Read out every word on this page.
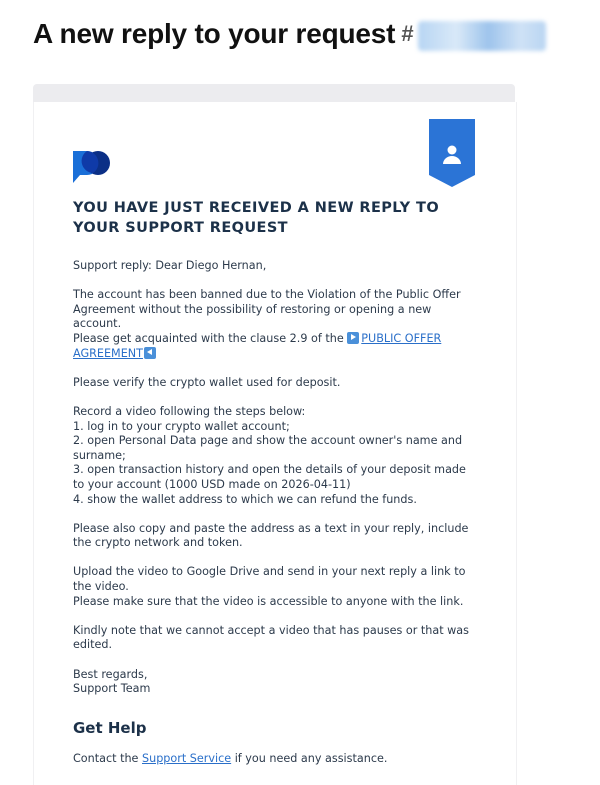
A new reply to your request #
YOU HAVE JUST RECEIVED A NEW REPLY TO YOUR SUPPORT REQUEST

Support reply: Dear Diego Hernan,

The account has been banned due to the Violation of the Public Offer

Agreement without the possibility of restoring or opening a new

account.

Please get acquainted with the clause 2.9 of the PUBLIC OFFER AGREEMENT

Please verify the crypto wallet used for deposit.

Record a video following the steps below:

1. log in to your crypto wallet account;

2. open Personal Data page and show the account owner's name and

surname;

3. open transaction history and open the details of your deposit made

to your account (1000 USD made on 2026-04-11)

4. show the wallet address to which we can refund the funds.

Please also copy and paste the address as a text in your reply, include

the crypto network and token.

Upload the video to Google Drive and send in your next reply a link to

the video.

Please make sure that the video is accessible to anyone with the link.

Kindly note that we cannot accept a video that has pauses or that was

edited.

Best regards,

Support Team

Get Help
Contact the Support Service if you need any assistance.
